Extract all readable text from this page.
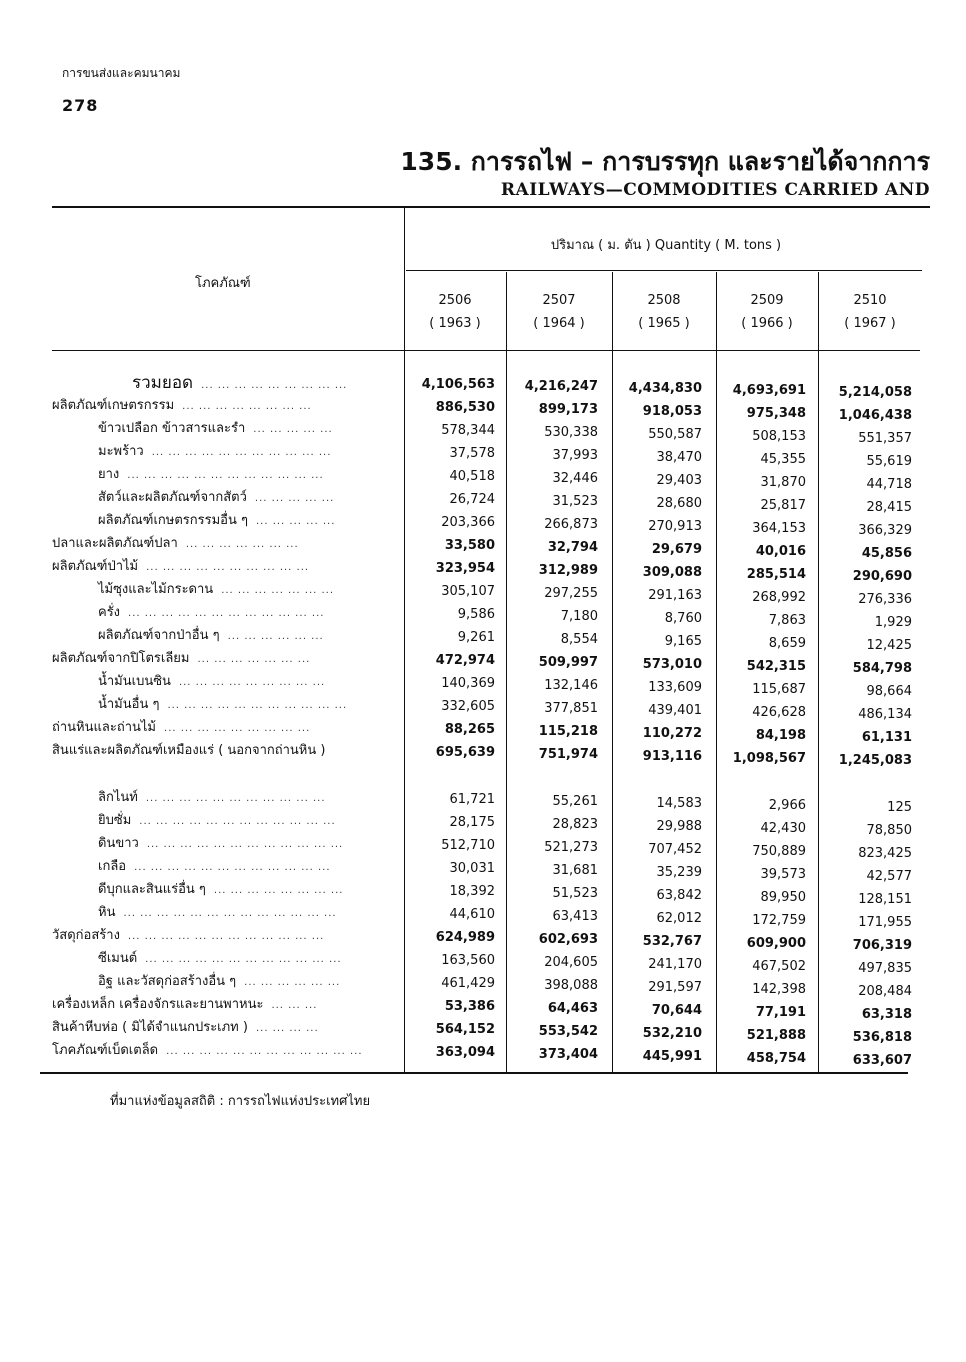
การขนส่งและคมนาคม
278
135. การรถไฟ – การบรรทุก และรายได้จากการ
RAILWAYS—COMMODITIES CARRIED AND
โภคภัณฑ์
ปริมาณ ( ม. ตัน ) Quantity ( M. tons )
2506
( 1963 )
2507
( 1964 )
2508
( 1965 )
2509
( 1966 )
2510
( 1967 )
รวมยอด ... ... ... ... ... ... ... ... ...	4,106,563	4,216,247	4,434,830	4,693,691	5,214,058
ผลิตภัณฑ์เกษตรกรรม ... ... ... ... ... ... ... ...	886,530	899,173	918,053	975,348	1,046,438
ข้าวเปลือก ข้าวสารและรำ ... ... ... ... ...	578,344	530,338	550,587	508,153	551,357
มะพร้าว ... ... ... ... ... ... ... ... ... ... ...	37,578	37,993	38,470	45,355	55,619
ยาง ... ... ... ... ... ... ... ... ... ... ... ...	40,518	32,446	29,403	31,870	44,718
สัตว์และผลิตภัณฑ์จากสัตว์ ... ... ... ... ...	26,724	31,523	28,680	25,817	28,415
ผลิตภัณฑ์เกษตรกรรมอื่น ๆ ... ... ... ... ...	203,366	266,873	270,913	364,153	366,329
ปลาและผลิตภัณฑ์ปลา ... ... ... ... ... ... ...	33,580	32,794	29,679	40,016	45,856
ผลิตภัณฑ์ป่าไม้ ... ... ... ... ... ... ... ... ... ...	323,954	312,989	309,088	285,514	290,690
ไม้ซุงและไม้กระดาน ... ... ... ... ... ... ...	305,107	297,255	291,163	268,992	276,336
ครั่ง ... ... ... ... ... ... ... ... ... ... ... ...	9,586	7,180	8,760	7,863	1,929
ผลิตภัณฑ์จากป่าอื่น ๆ ... ... ... ... ... ...	9,261	8,554	9,165	8,659	12,425
ผลิตภัณฑ์จากปิโตรเลียม ... ... ... ... ... ... ...	472,974	509,997	573,010	542,315	584,798
น้ำมันเบนซิน ... ... ... ... ... ... ... ... ...	140,369	132,146	133,609	115,687	98,664
น้ำมันอื่น ๆ ... ... ... ... ... ... ... ... ... ... ...	332,605	377,851	439,401	426,628	486,134
ถ่านหินและถ่านไม้ ... ... ... ... ... ... ... ... ...	88,265	115,218	110,272	84,198	61,131
สินแร่และผลิตภัณฑ์เหมืองแร่ ( นอกจากถ่านหิน )	695,639	751,974	913,116	1,098,567	1,245,083
ลิกไนท์ ... ... ... ... ... ... ... ... ... ... ...	61,721	55,261	14,583	2,966	125
ยิบซั่ม ... ... ... ... ... ... ... ... ... ... ... ...	28,175	28,823	29,988	42,430	78,850
ดินขาว ... ... ... ... ... ... ... ... ... ... ... ...	512,710	521,273	707,452	750,889	823,425
เกลือ ... ... ... ... ... ... ... ... ... ... ... ...	30,031	31,681	35,239	39,573	42,577
ดีบุกและสินแร่อื่น ๆ ... ... ... ... ... ... ... ...	18,392	51,523	63,842	89,950	128,151
หิน ... ... ... ... ... ... ... ... ... ... ... ... ...	44,610	63,413	62,012	172,759	171,955
วัสดุก่อสร้าง ... ... ... ... ... ... ... ... ... ... ... ...	624,989	602,693	532,767	609,900	706,319
ซีเมนต์ ... ... ... ... ... ... ... ... ... ... ... ...	163,560	204,605	241,170	467,502	497,835
อิฐ และวัสดุก่อสร้างอื่น ๆ ... ... ... ... ... ...	461,429	398,088	291,597	142,398	208,484
เครื่องเหล็ก เครื่องจักรและยานพาหนะ ... ... ...	53,386	64,463	70,644	77,191	63,318
สินค้าหีบห่อ ( มิได้จำแนกประเภท ) ... ... ... ...	564,152	553,542	532,210	521,888	536,818
โภคภัณฑ์เบ็ดเตล็ด ... ... ... ... ... ... ... ... ... ... ... ...	363,094	373,404	445,991	458,754	633,607
ที่มาแห่งข้อมูลสถิติ : การรถไฟแห่งประเทศไทย
